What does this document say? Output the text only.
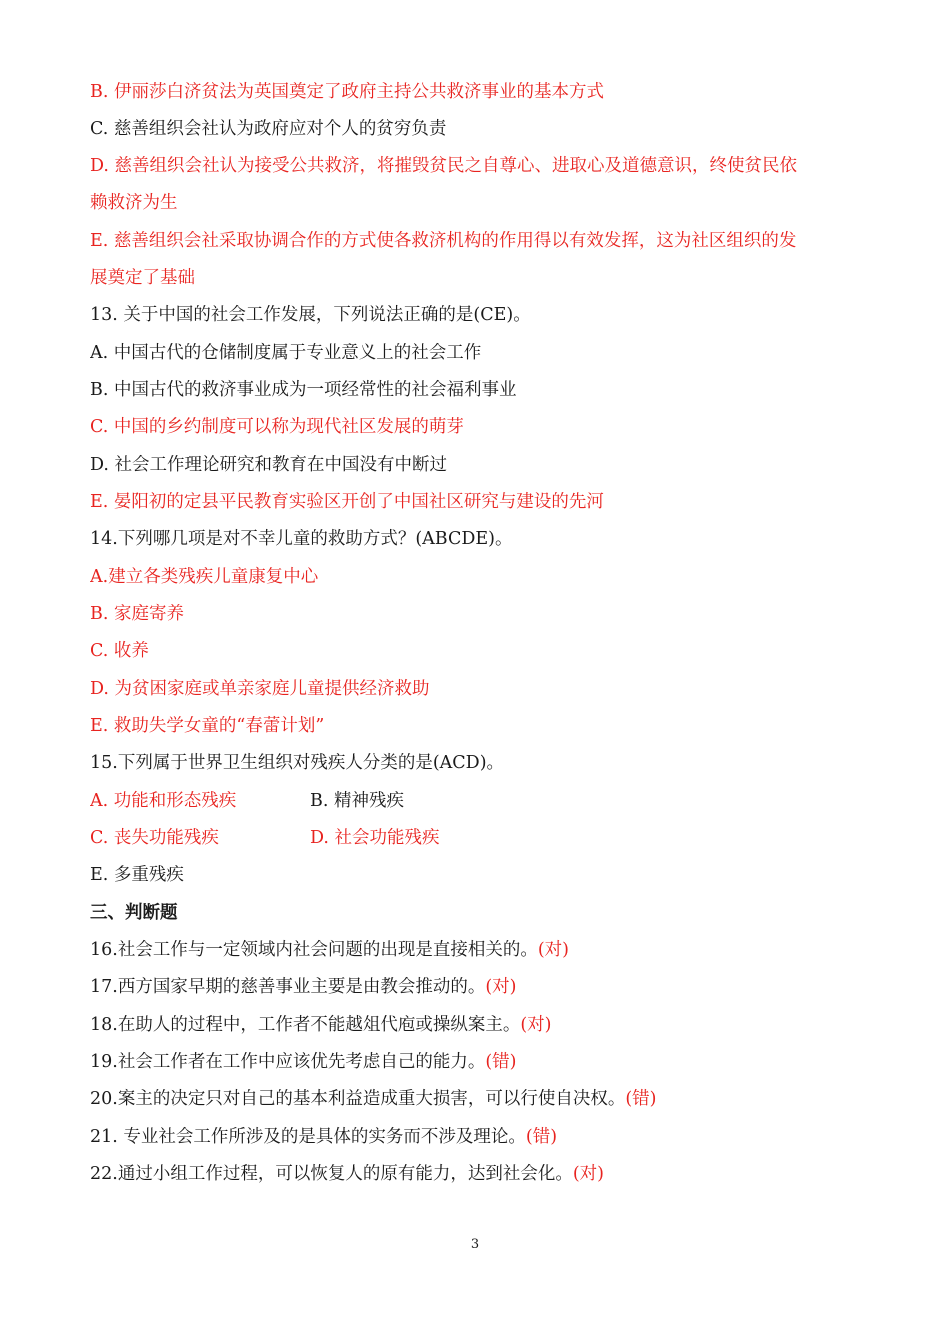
B. 伊丽莎白济贫法为英国奠定了政府主持公共救济事业的基本方式
C. 慈善组织会社认为政府应对个人的贫穷负责
D. 慈善组织会社认为接受公共救济，将摧毁贫民之自尊心、进取心及道德意识，终使贫民依
赖救济为生
E. 慈善组织会社采取协调合作的方式使各救济机构的作用得以有效发挥，这为社区组织的发
展奠定了基础
13. 关于中国的社会工作发展，下列说法正确的是(CE)。
A. 中国古代的仓储制度属于专业意义上的社会工作
B. 中国古代的救济事业成为一项经常性的社会福利事业
C. 中国的乡约制度可以称为现代社区发展的萌芽
D. 社会工作理论研究和教育在中国没有中断过
E. 晏阳初的定县平民教育实验区开创了中国社区研究与建设的先河
14.下列哪几项是对不幸儿童的救助方式？(ABCDE)。
A.建立各类残疾儿童康复中心
B. 家庭寄养
C. 收养
D. 为贫困家庭或单亲家庭儿童提供经济救助
E. 救助失学女童的“春蕾计划”
15.下列属于世界卫生组织对残疾人分类的是(ACD)。
A. 功能和形态残疾	B. 精神残疾
C. 丧失功能残疾	D. 社会功能残疾
E. 多重残疾
三、判断题
16.社会工作与一定领域内社会问题的出现是直接相关的。(对)
17.西方国家早期的慈善事业主要是由教会推动的。(对)
18.在助人的过程中，工作者不能越俎代庖或操纵案主。(对)
19.社会工作者在工作中应该优先考虑自己的能力。(错)
20.案主的决定只对自己的基本利益造成重大损害，可以行使自决权。(错)
21. 专业社会工作所涉及的是具体的实务而不涉及理论。(错)
22.通过小组工作过程，可以恢复人的原有能力，达到社会化。(对)
3
